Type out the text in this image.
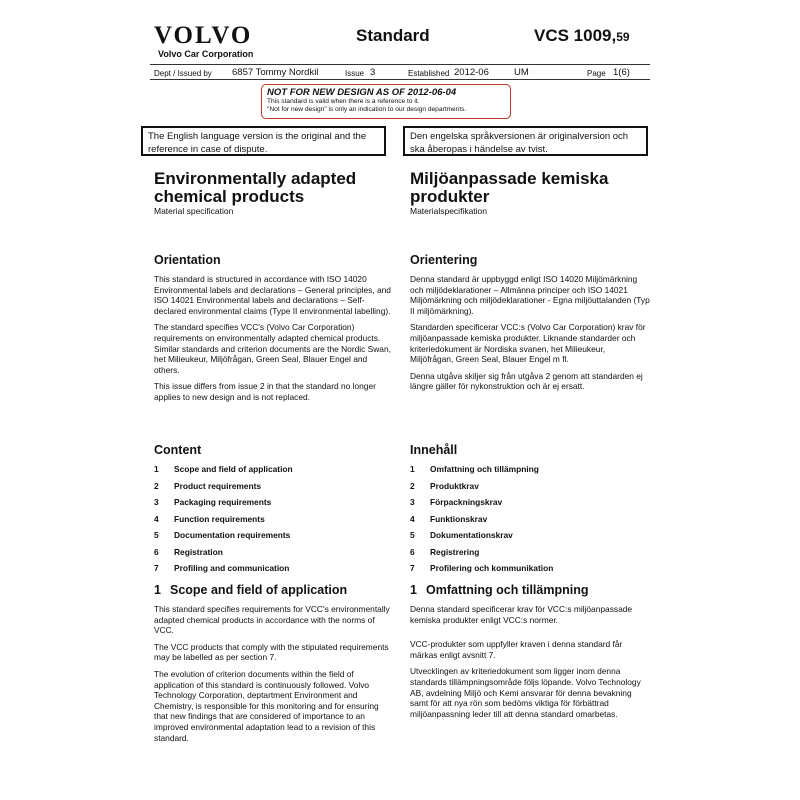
VOLVO
Volvo Car Corporation
Standard	VCS 1009,59
Dept / Issued by 6857 Tommy Nordkil	Issue 3	Established 2012-06	UM	Page 1(6)
NOT FOR NEW DESIGN AS OF 2012-06-04
This standard is valid when there is a reference to it.
"Not for new design" is only an indication to our design departments.
The English language version is the original and the reference in case of dispute.
Den engelska språkversionen är originalversion och ska åberopas i händelse av tvist.
Environmentally adapted chemical products
Material specification
Orientation
This standard is structured in accordance with ISO 14020 Environmental labels and declarations – General principles, and ISO 14021 Environmental labels and declarations – Self-declared environmental claims (Type II environmental labelling).
The standard specifies VCC's (Volvo Car Corporation) requirements on environmentally adapted chemical products. Similar standards and criterion documents are the Nordic Swan, het Milieukeur, Miljöfrågan, Green Seal, Blauer Engel and others.
This issue differs from issue 2 in that the standard no longer applies to new design and is not replaced.
Content
1	Scope and field of application
2	Product requirements
3	Packaging requirements
4	Function requirements
5	Documentation requirements
6	Registration
7	Profiling and communication
1 Scope and field of application
This standard specifies requirements for VCC's environmentally adapted chemical products in accordance with the norms of VCC.
The VCC products that comply with the stipulated requirements may be labelled as per section 7.
The evolution of criterion documents within the field of application of this standard is continuously followed. Volvo Technology Corporation, deptartment Environment and Chemistry, is responsible for this monitoring and for ensuring that new findings that are considered of importance to an improved environmental adaptation lead to a revision of this standard.
Miljöanpassade kemiska produkter
Materialspecifikation
Orientering
Denna standard är uppbyggd enligt ISO 14020 Miljömärkning och miljödeklarationer – Allmänna principer och ISO 14021 Miljömärkning och miljödeklarationer - Egna miljöuttalanden (Typ II miljömärkning).
Standarden specificerar VCC:s (Volvo Car Corporation) krav för miljöanpassade kemiska produkter. Liknande standarder och kriteriedokument är Nordiska svanen, het Milieukeur, Miljöfrågan, Green Seal, Blauer Engel m fl.
Denna utgåva skiljer sig från utgåva 2 genom att standarden ej längre gäller för nykonstruktion och är ej ersatt.
Innehåll
1	Omfattning och tillämpning
2	Produktkrav
3	Förpackningskrav
4	Funktionskrav
5	Dokumentationskrav
6	Registrering
7	Profilering och kommunikation
1 Omfattning och tillämpning
Denna standard specificerar krav för VCC:s miljöanpassade kemiska produkter enligt VCC:s normer.
VCC-produkter som uppfyller kraven i denna standard får märkas enligt avsnitt 7.
Utvecklingen av kriteriedokument som ligger inom denna standards tillämpningsområde följs löpande. Volvo Technology AB, avdelning Miljö och Kemi ansvarar för denna bevakning samt för att nya rön som bedöms viktiga för förbättrad miljöanpassning leder till att denna standard omarbetas.
